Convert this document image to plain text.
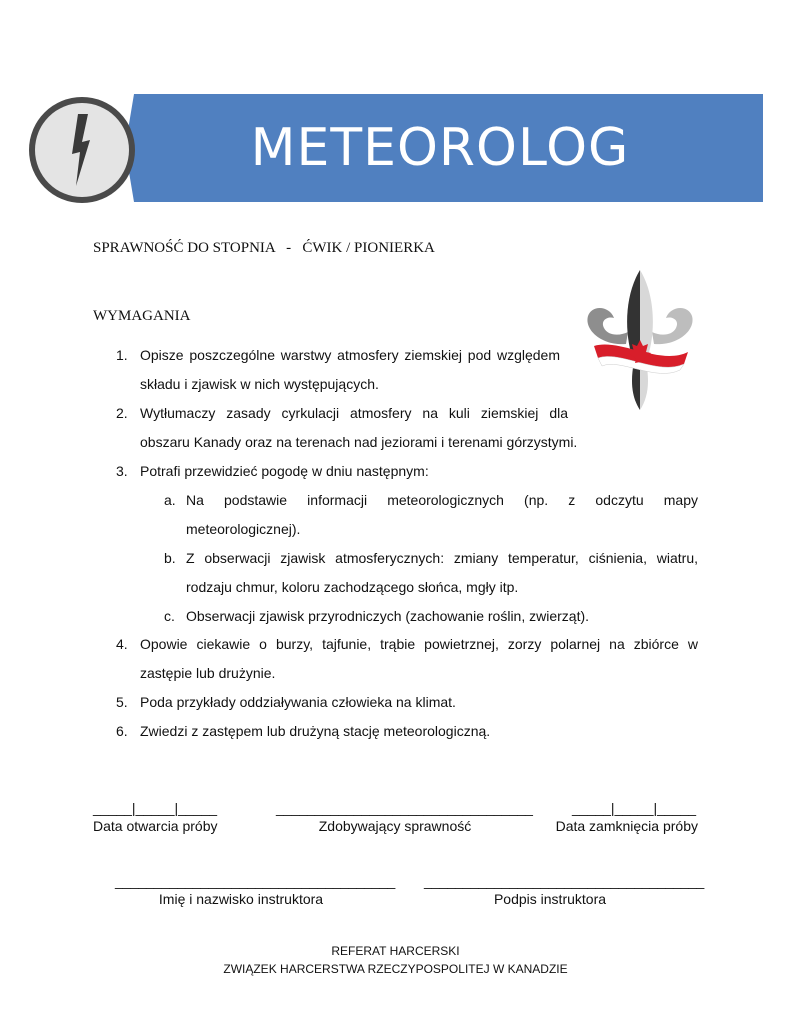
METEOROLOG
SPRAWNOŚĆ DO STOPNIA   -   ĆWIK / PIONIERKA
WYMAGANIA
1. Opisze poszczególne warstwy atmosfery ziemskiej pod względem
składu i zjawisk w nich występujących.
2. Wytłumaczy zasady cyrkulacji atmosfery na kuli ziemskiej dla
obszaru Kanady oraz na terenach nad jeziorami i terenami górzystymi.
3. Potrafi przewidzieć pogodę w dniu następnym:
a. Na podstawie informacji meteorologicznych (np. z odczytu mapy
meteorologicznej).
b. Z obserwacji zjawisk atmosferycznych: zmiany temperatur, ciśnienia, wiatru,
rodzaju chmur, koloru zachodzącego słońca, mgły itp.
c. Obserwacji zjawisk przyrodniczych (zachowanie roślin, zwierząt).
4. Opowie ciekawie o burzy, tajfunie, trąbie powietrznej, zorzy polarnej na zbiórce w
zastępie lub drużynie.
5. Poda przykłady oddziaływania człowieka na klimat.
6. Zwiedzi z zastępem lub drużyną stację meteorologiczną.
_____|_____|_____	_________________________________	_____|_____|_____
Data otwarcia próby	Zdobywający sprawność	Data zamknięcia próby
____________________________________ ____________________________________
Imię i nazwisko instruktora	Podpis instruktora
REFERAT HARCERSKI
ZWIĄZEK HARCERSTWA RZECZYPOSPOLITEJ W KANADZIE
